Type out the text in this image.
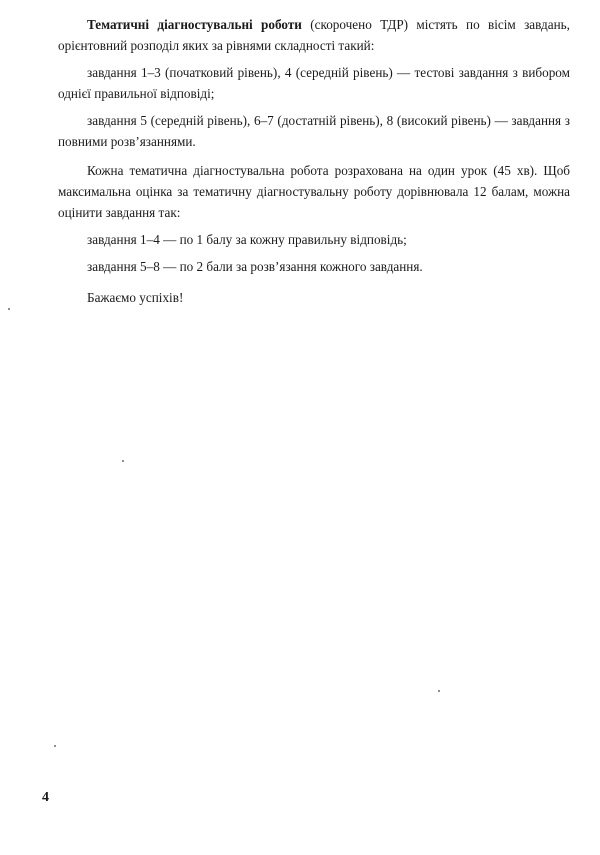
Тематичні діагностувальні роботи (скорочено ТДР) містять по вісім завдань, орієнтовний розподіл яких за рівнями складності такий:

завдання 1–3 (початковий рівень), 4 (середній рівень) — тестові завдання з вибором однієї правильної відповіді;

завдання 5 (середній рівень), 6–7 (достатній рівень), 8 (високий рівень) — завдання з повними розв’язаннями.

Кожна тематична діагностувальна робота розрахована на один урок (45 хв). Щоб максимальна оцінка за тематичну діагностувальну роботу дорівнювала 12 балам, можна оцінити завдання так:

завдання 1–4 — по 1 балу за кожну правильну відповідь;

завдання 5–8 — по 2 бали за розв’язання кожного завдання.

Бажаємо успіхів!

4
